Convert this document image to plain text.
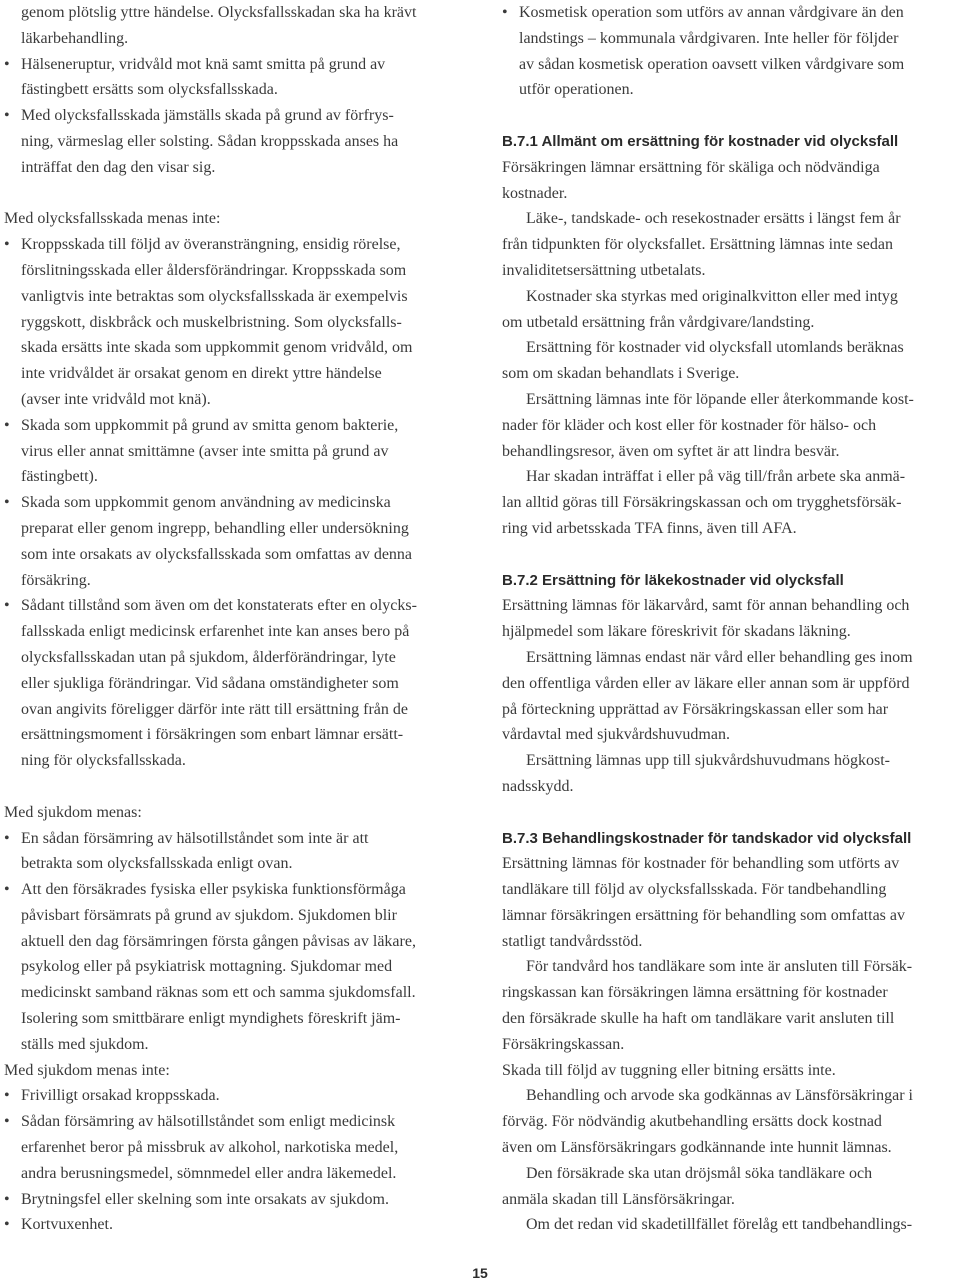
genom plötslig yttre händelse. Olycksfallsskadan ska ha krävt
läkarbehandling.
• Hälseneruptur, vridvåld mot knä samt smitta på grund av
fästingbett ersätts som olycksfallsskada.
• Med olycksfallsskada jämställs skada på grund av förfrys-
ning, värmeslag eller solsting. Sådan kroppsskada anses ha
inträffat den dag den visar sig.
Med olycksfallsskada menas inte:
• Kroppsskada till följd av överansträngning, ensidig rörelse,
förslitningsskada eller åldersförändringar. Kroppsskada som
vanligtvis inte betraktas som olycksfallsskada är exempelvis
ryggskott, diskbråck och muskelbristning. Som olycksfalls-
skada ersätts inte skada som uppkommit genom vridvåld, om
inte vridvåldet är orsakat genom en direkt yttre händelse
(avser inte vridvåld mot knä).
• Skada som uppkommit på grund av smitta genom bakterie,
virus eller annat smittämne (avser inte smitta på grund av
fästingbett).
• Skada som uppkommit genom användning av medicinska
preparat eller genom ingrepp, behandling eller undersökning
som inte orsakats av olycksfallsskada som omfattas av denna
försäkring.
• Sådant tillstånd som även om det konstaterats efter en olycks-
fallsskada enligt medicinsk erfarenhet inte kan anses bero på
olycksfallsskadan utan på sjukdom, ålderförändringar, lyte
eller sjukliga förändringar. Vid sådana omständigheter som
ovan angivits föreligger därför inte rätt till ersättning från de
ersättningsmoment i försäkringen som enbart lämnar ersätt-
ning för olycksfallsskada.
Med sjukdom menas:
• En sådan försämring av hälsotillståndet som inte är att
betrakta som olycksfallsskada enligt ovan.
• Att den försäkrades fysiska eller psykiska funktionsförmåga
påvisbart försämrats på grund av sjukdom. Sjukdomen blir
aktuell den dag försämringen första gången påvisas av läkare,
psykolog eller på psykiatrisk mottagning. Sjukdomar med
medicinskt samband räknas som ett och samma sjukdomsfall.
Isolering som smittbärare enligt myndighets föreskrift jäm-
ställs med sjukdom.
Med sjukdom menas inte:
• Frivilligt orsakad kroppsskada.
• Sådan försämring av hälsotillståndet som enligt medicinsk
erfarenhet beror på missbruk av alkohol, narkotiska medel,
andra berusningsmedel, sömnmedel eller andra läkemedel.
• Brytningsfel eller skelning som inte orsakats av sjukdom.
• Kortvuxenhet.
• Kosmetisk operation som utförs av annan vårdgivare än den
landstings – kommunala vårdgivaren. Inte heller för följder
av sådan kosmetisk operation oavsett vilken vårdgivare som
utför operationen.
B.7.1 Allmänt om ersättning för kostnader vid olycksfall
Försäkringen lämnar ersättning för skäliga och nödvändiga
kostnader.
Läke-, tandskade- och resekostnader ersätts i längst fem år
från tidpunkten för olycksfallet. Ersättning lämnas inte sedan
invaliditetsersättning utbetalats.
Kostnader ska styrkas med originalkvitton eller med intyg
om utbetald ersättning från vårdgivare/landsting.
Ersättning för kostnader vid olycksfall utomlands beräknas
som om skadan behandlats i Sverige.
Ersättning lämnas inte för löpande eller återkommande kost-
nader för kläder och kost eller för kostnader för hälso- och
behandlingsresor, även om syftet är att lindra besvär.
Har skadan inträffat i eller på väg till/från arbete ska anmä-
lan alltid göras till Försäkringskassan och om trygghetsförsäk-
ring vid arbetsskada TFA finns, även till AFA.
B.7.2 Ersättning för läkekostnader vid olycksfall
Ersättning lämnas för läkarvård, samt för annan behandling och
hjälpmedel som läkare föreskrivit för skadans läkning.
Ersättning lämnas endast när vård eller behandling ges inom
den offentliga vården eller av läkare eller annan som är uppförd
på förteckning upprättad av Försäkringskassan eller som har
vårdavtal med sjukvårdshuvudman.
Ersättning lämnas upp till sjukvårdshuvudmans högkost-
nadsskydd.
B.7.3 Behandlingskostnader för tandskador vid olycksfall
Ersättning lämnas för kostnader för behandling som utförts av
tandläkare till följd av olycksfallsskada. För tandbehandling
lämnar försäkringen ersättning för behandling som omfattas av
statligt tandvårdsstöd.
För tandvård hos tandläkare som inte är ansluten till Försäk-
ringskassan kan försäkringen lämna ersättning för kostnader
den försäkrade skulle ha haft om tandläkare varit ansluten till
Försäkringskassan.
Skada till följd av tuggning eller bitning ersätts inte.
Behandling och arvode ska godkännas av Länsförsäkringar i
förväg. För nödvändig akutbehandling ersätts dock kostnad
även om Länsförsäkringars godkännande inte hunnit lämnas.
Den försäkrade ska utan dröjsmål söka tandläkare och
anmäla skadan till Länsförsäkringar.
Om det redan vid skadetillfället förelåg ett tandbehandlings-
15
